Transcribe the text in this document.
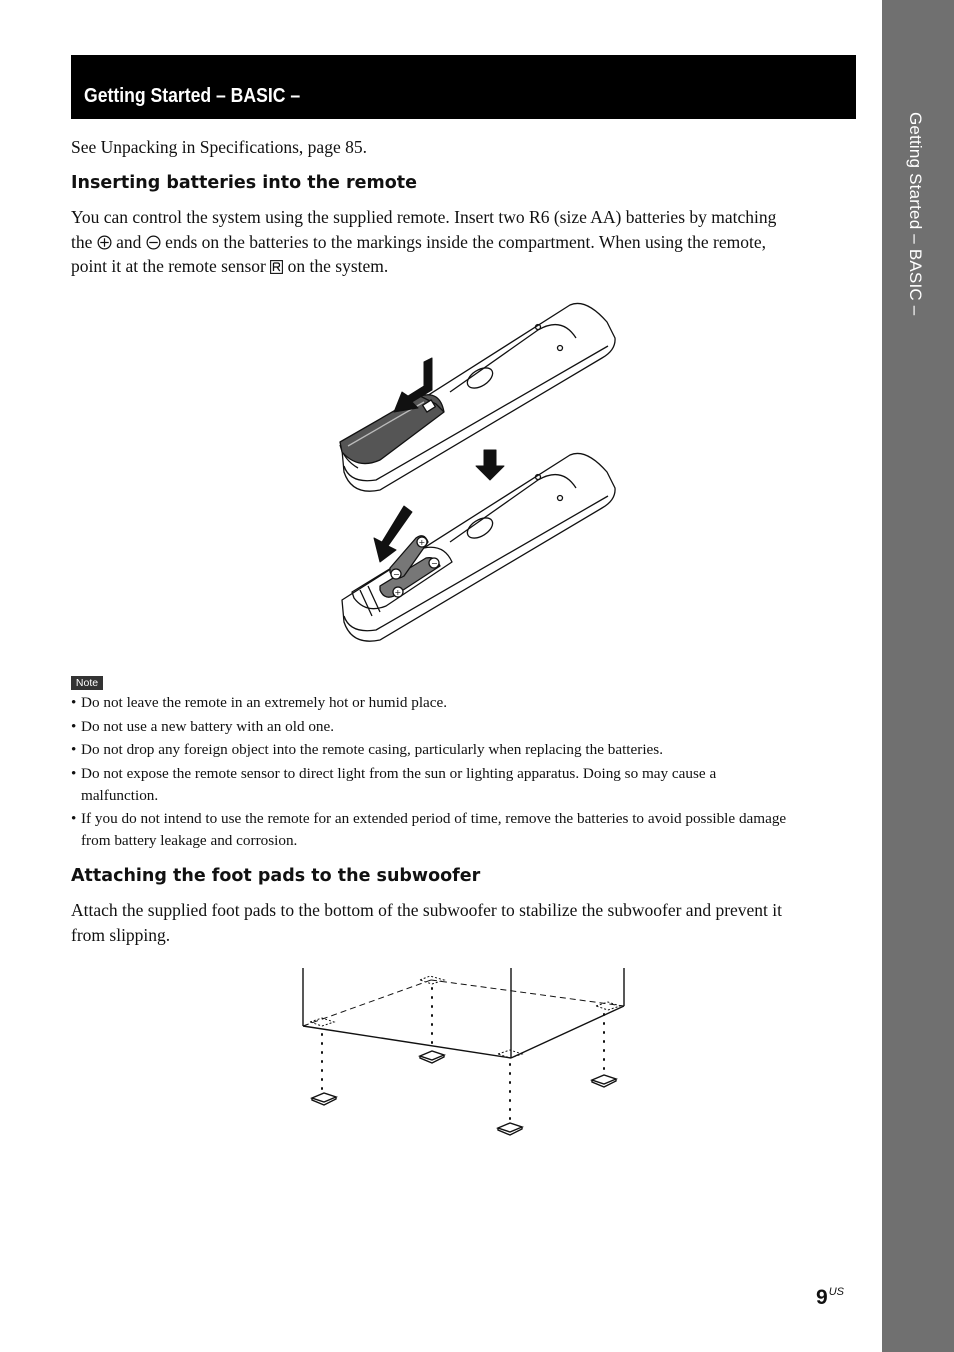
Getting Started – BASIC –
Getting Started – BASIC –
See Unpacking in Specifications, page 85.
Inserting batteries into the remote
You can control the system using the supplied remote. Insert two R6 (size AA) batteries by matching
the  and  ends on the batteries to the markings inside the compartment. When using the remote,
point it at the remote sensor  on the system.
−
+
+
−
Note
• Do not leave the remote in an extremely hot or humid place.
• Do not use a new battery with an old one.
• Do not drop any foreign object into the remote casing, particularly when replacing the batteries.
• Do not expose the remote sensor to direct light from the sun or lighting apparatus. Doing so may cause a
malfunction.
• If you do not intend to use the remote for an extended period of time, remove the batteries to avoid possible damage
from battery leakage and corrosion.
Attaching the foot pads to the subwoofer
Attach the supplied foot pads to the bottom of the subwoofer to stabilize the subwoofer and prevent it
from slipping.
$9^{US}$
